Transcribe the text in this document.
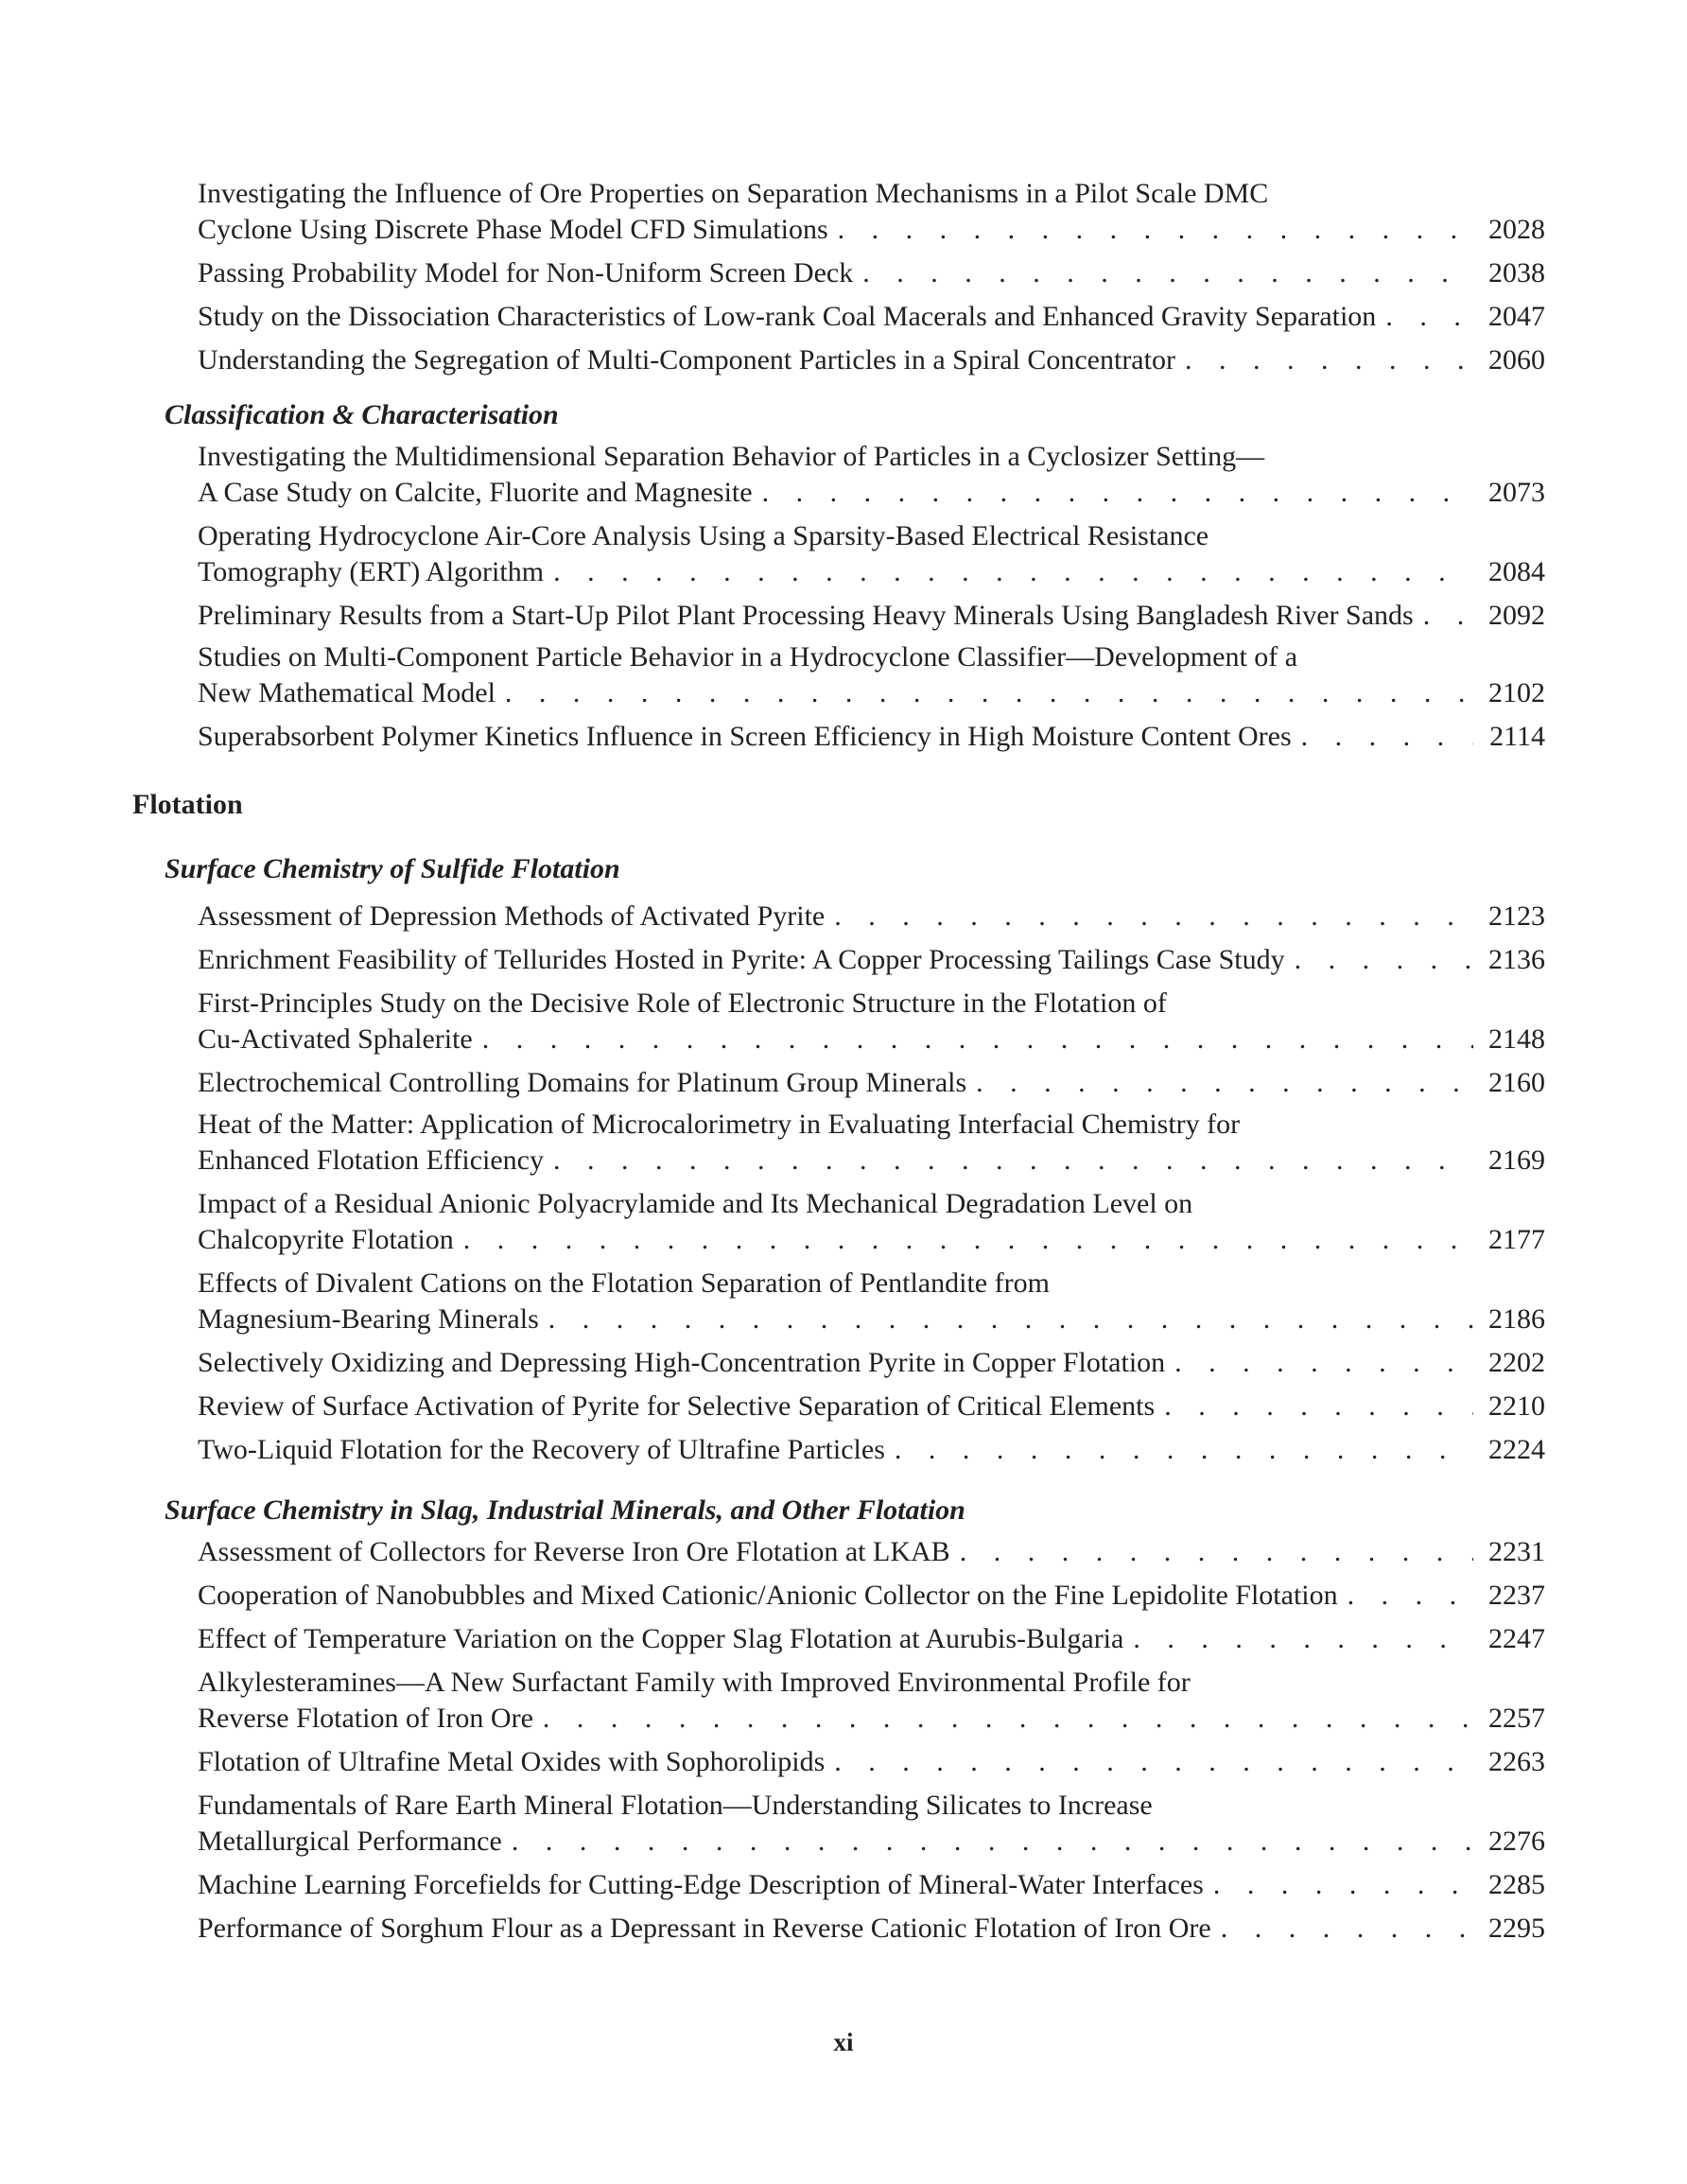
Investigating the Influence of Ore Properties on Separation Mechanisms in a Pilot Scale DMC
Cyclone Using Discrete Phase Model CFD Simulations . . .	2028
Passing Probability Model for Non-Uniform Screen Deck . . .	2038
Study on the Dissociation Characteristics of Low-rank Coal Macerals and Enhanced Gravity Separation . . .	2047
Understanding the Segregation of Multi-Component Particles in a Spiral Concentrator . . .	2060
Classification & Characterisation
Investigating the Multidimensional Separation Behavior of Particles in a Cyclosizer Setting—
A Case Study on Calcite, Fluorite and Magnesite . . .	2073
Operating Hydrocyclone Air-Core Analysis Using a Sparsity-Based Electrical Resistance
Tomography (ERT) Algorithm . . .	2084
Preliminary Results from a Start-Up Pilot Plant Processing Heavy Minerals Using Bangladesh River Sands . . .	2092
Studies on Multi-Component Particle Behavior in a Hydrocyclone Classifier—Development of a
New Mathematical Model . . .	2102
Superabsorbent Polymer Kinetics Influence in Screen Efficiency in High Moisture Content Ores . . .	2114
Flotation
Surface Chemistry of Sulfide Flotation
Assessment of Depression Methods of Activated Pyrite . . .	2123
Enrichment Feasibility of Tellurides Hosted in Pyrite: A Copper Processing Tailings Case Study . . .	2136
First-Principles Study on the Decisive Role of Electronic Structure in the Flotation of
Cu-Activated Sphalerite . . .	2148
Electrochemical Controlling Domains for Platinum Group Minerals . . .	2160
Heat of the Matter: Application of Microcalorimetry in Evaluating Interfacial Chemistry for
Enhanced Flotation Efficiency . . .	2169
Impact of a Residual Anionic Polyacrylamide and Its Mechanical Degradation Level on
Chalcopyrite Flotation . . .	2177
Effects of Divalent Cations on the Flotation Separation of Pentlandite from
Magnesium-Bearing Minerals . . .	2186
Selectively Oxidizing and Depressing High-Concentration Pyrite in Copper Flotation . . .	2202
Review of Surface Activation of Pyrite for Selective Separation of Critical Elements . . .	2210
Two-Liquid Flotation for the Recovery of Ultrafine Particles . . .	2224
Surface Chemistry in Slag, Industrial Minerals, and Other Flotation
Assessment of Collectors for Reverse Iron Ore Flotation at LKAB . . .	2231
Cooperation of Nanobubbles and Mixed Cationic/Anionic Collector on the Fine Lepidolite Flotation . . .	2237
Effect of Temperature Variation on the Copper Slag Flotation at Aurubis-Bulgaria . . .	2247
Alkylesteramines—A New Surfactant Family with Improved Environmental Profile for
Reverse Flotation of Iron Ore . . .	2257
Flotation of Ultrafine Metal Oxides with Sophorolipids . . .	2263
Fundamentals of Rare Earth Mineral Flotation—Understanding Silicates to Increase
Metallurgical Performance . . .	2276
Machine Learning Forcefields for Cutting-Edge Description of Mineral-Water Interfaces . . .	2285
Performance of Sorghum Flour as a Depressant in Reverse Cationic Flotation of Iron Ore . . .	2295
xi
